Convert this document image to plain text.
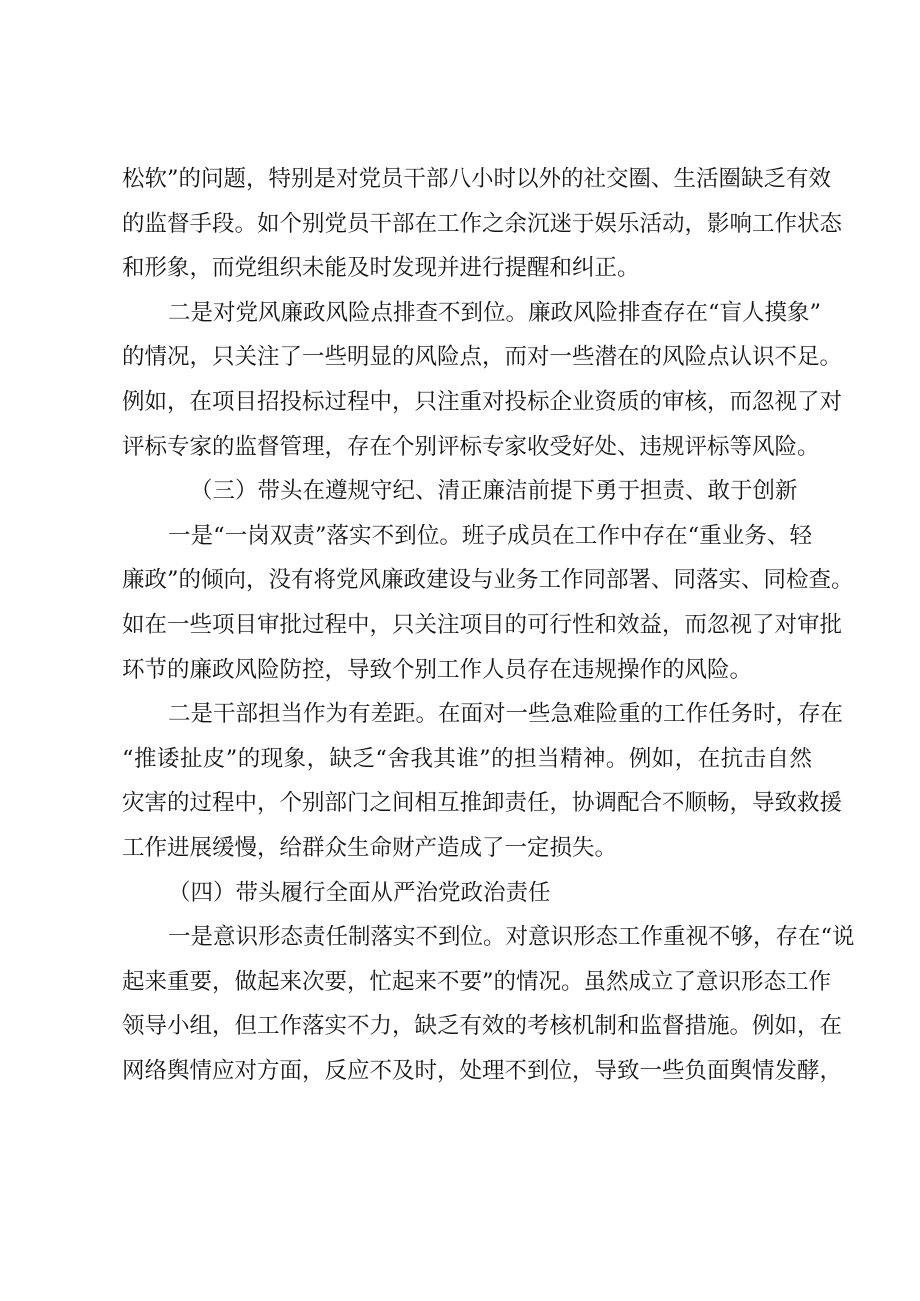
松软”的问题，特别是对党员干部八小时以外的社交圈、生活圈缺乏有效
的监督手段。如个别党员干部在工作之余沉迷于娱乐活动，影响工作状态
和形象，而党组织未能及时发现并进行提醒和纠正。
二是对党风廉政风险点排查不到位。廉政风险排查存在“盲人摸象”
的情况，只关注了一些明显的风险点，而对一些潜在的风险点认识不足。
例如，在项目招投标过程中，只注重对投标企业资质的审核，而忽视了对
评标专家的监督管理，存在个别评标专家收受好处、违规评标等风险。
（三）带头在遵规守纪、清正廉洁前提下勇于担责、敢于创新
一是“一岗双责”落实不到位。班子成员在工作中存在“重业务、轻
廉政”的倾向，没有将党风廉政建设与业务工作同部署、同落实、同检查。
如在一些项目审批过程中，只关注项目的可行性和效益，而忽视了对审批
环节的廉政风险防控，导致个别工作人员存在违规操作的风险。
二是干部担当作为有差距。在面对一些急难险重的工作任务时，存在
“推诿扯皮”的现象，缺乏“舍我其谁”的担当精神。例如，在抗击自然
灾害的过程中，个别部门之间相互推卸责任，协调配合不顺畅，导致救援
工作进展缓慢，给群众生命财产造成了一定损失。
（四）带头履行全面从严治党政治责任
一是意识形态责任制落实不到位。对意识形态工作重视不够，存在“说
起来重要，做起来次要，忙起来不要”的情况。虽然成立了意识形态工作
领导小组，但工作落实不力，缺乏有效的考核机制和监督措施。例如，在
网络舆情应对方面，反应不及时，处理不到位，导致一些负面舆情发酵，
